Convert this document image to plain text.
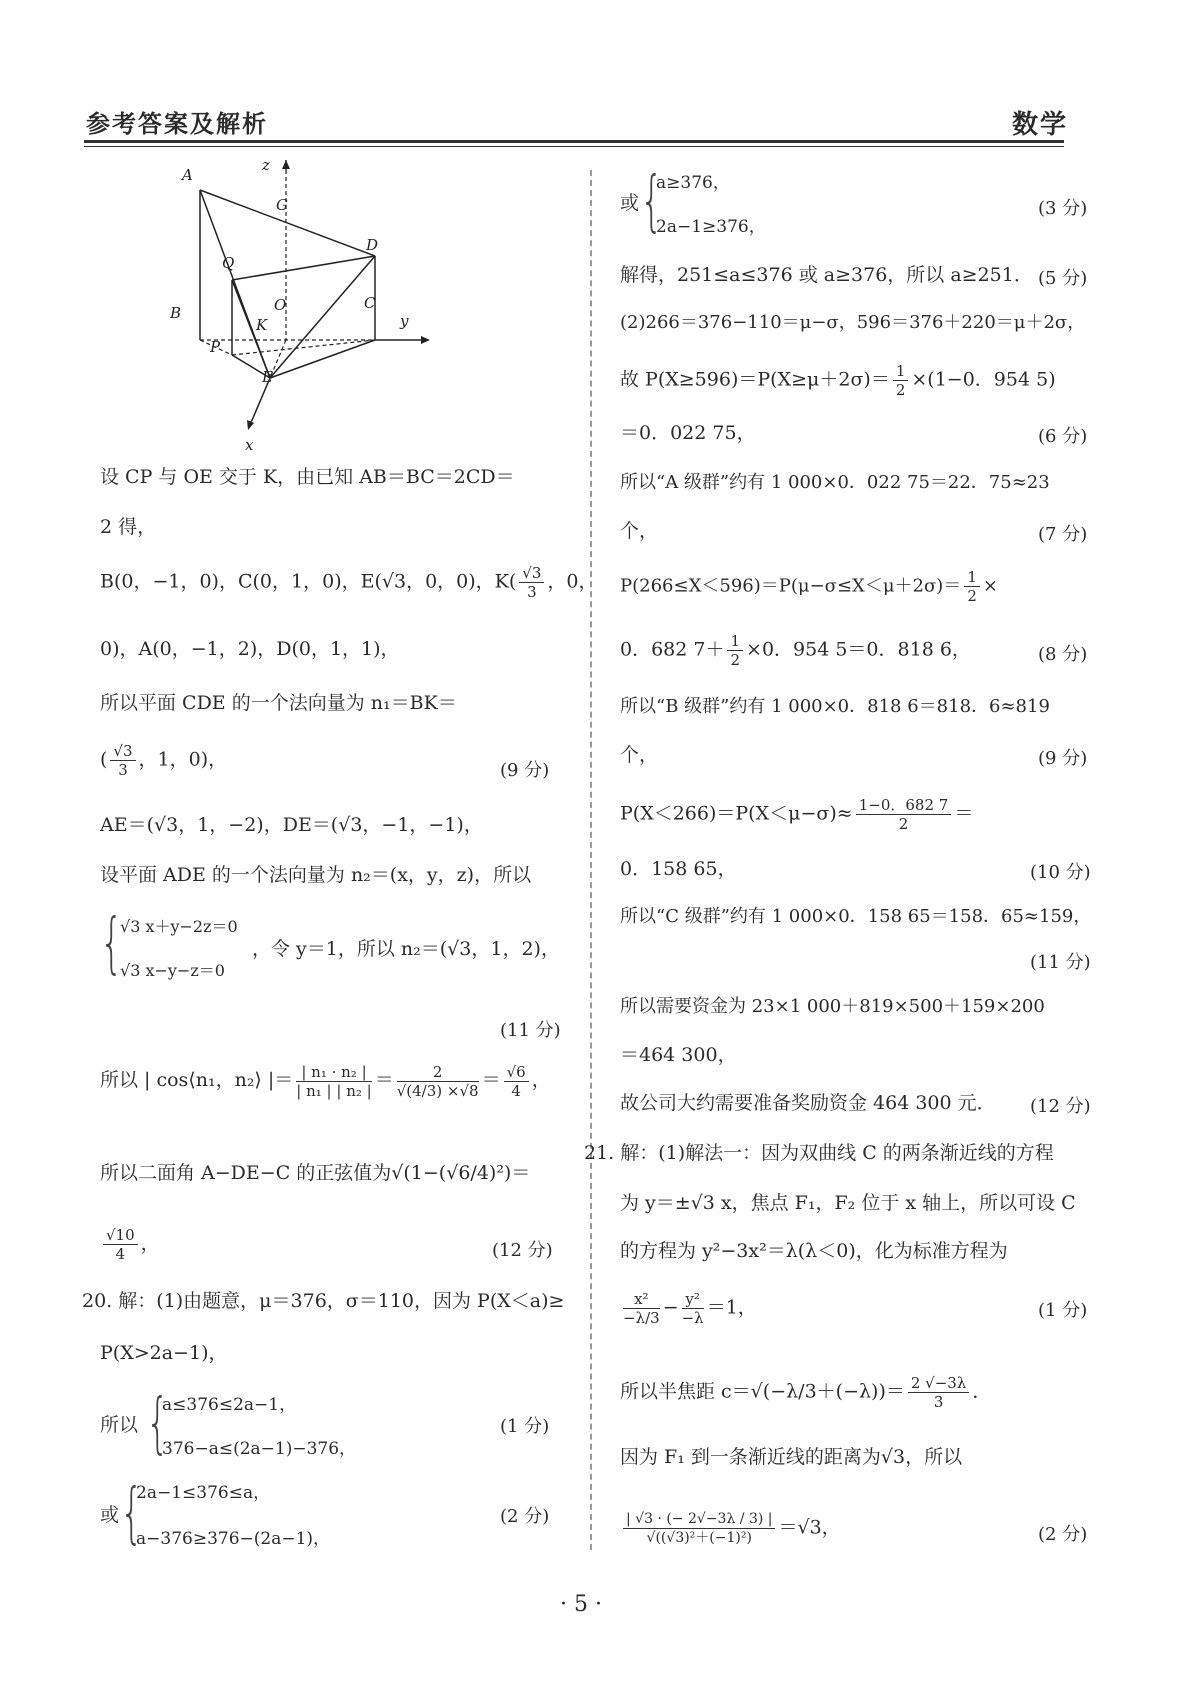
参考答案及解析	数学
A
G
D
Q
O
B
C
K
P
E
y
z
x
设 CP 与 OE 交于 K，由已知 AB＝BC＝2CD＝
2 得，
B(0，−1，0)，C(0，1，0)，E(√3，0，0)，$K( \frac{√3}{3}$ ，0，
0)，A(0，−1，2)，D(0，1，1)，
所以平面 CDE 的一个法向量为 n₁＝BK＝
( $\frac{√3}{3}$ ，1，0)，	(9 分)
AE＝(√3，1，−2)，DE＝(√3，−1，−1)，
设平面 ADE 的一个法向量为 n₂＝(x，y，z)，所以
{
√3 x＋y−2z＝0
√3 x−y−z＝0
，令 y＝1，所以 n₂＝(√3，1，2)，
(11 分)
所以 | cos⟨n₁，n₂⟩ |＝ $\frac{\text{| n₁ · n₂ |}}{\text{| n₁ | | n₂ |}} = \frac{2}{√(4/3) \times√8} = \frac{√6}{4}$ ，
所以二面角 A−DE−C 的正弦值为√(1−(√6/4)²)＝
$\frac{√10}{4}$ ，	(12 分)
20. 解：(1)由题意，μ＝376，σ＝110，因为 P(X＜a)≥
P(X>2a−1)，
所以 {
a≤376≤2a−1，
376−a≤(2a−1)−376，
(1 分)
或 {
2a−1≤376≤a，
a−376≥376−(2a−1)，
(2 分)
或 {
a≥376，
2a−1≥376，
(3 分)
解得，251≤a≤376 或 a≥376，所以 a≥251． (5 分)
(2)266＝376−110＝μ−σ，596＝376＋220＝μ＋2σ，
故 $P(X\ge 596)=P(X\ge\mu+2\sigma)= \frac{1}{2} \times(1-0$．954 5)
＝0．022 75，	(6 分)
所以“A 级群”约有 1 000×0．022 75＝22．75≈23
个，	(7 分)
$P(266\le X<596)=P(\mu-\sigma\le X<\mu+2\sigma)= \frac{1}{2}$ ×
0．682 $7+ \frac{1}{2} \times 0$．954 5＝0．818 6，	(8 分)
所以“B 级群”约有 1 000×0．818 6＝818．6≈819
个，	(9 分)
$P(X<266)=P(X<\mu-\sigma)\approx \frac{1-0.682 7}{2}$ ＝
0．158 65，	(10 分)
所以“C 级群”约有 1 000×0．158 65＝158．65≈159，
(11 分)
所以需要资金为 23×1 000＋819×500＋159×200
＝464 300，
故公司大约需要准备奖励资金 464 300 元． (12 分)
21. 解：(1)解法一：因为双曲线 C 的两条渐近线的方程
为 y＝±√3 x，焦点 F₁，F₂ 位于 x 轴上，所以可设 C
的方程为 y²−3x²＝λ(λ＜0)，化为标准方程为
$\frac{\text{x²}}{-\lambda/3} - \frac{\text{y²}}{-\lambda} =1$，	(1 分)
所以半焦距 $c=√(-\lambda/3+(-\lambda))= \frac{2 √-3\lambda}{3}$ ．
因为 F₁ 到一条渐近线的距离为√3，所以
$\frac{| √3 \cdot (- 2√-3\lambda / 3) |}{\text{√((√3)²＋(−1)²)}} =√3$，	(2 分)
· 5 ·
